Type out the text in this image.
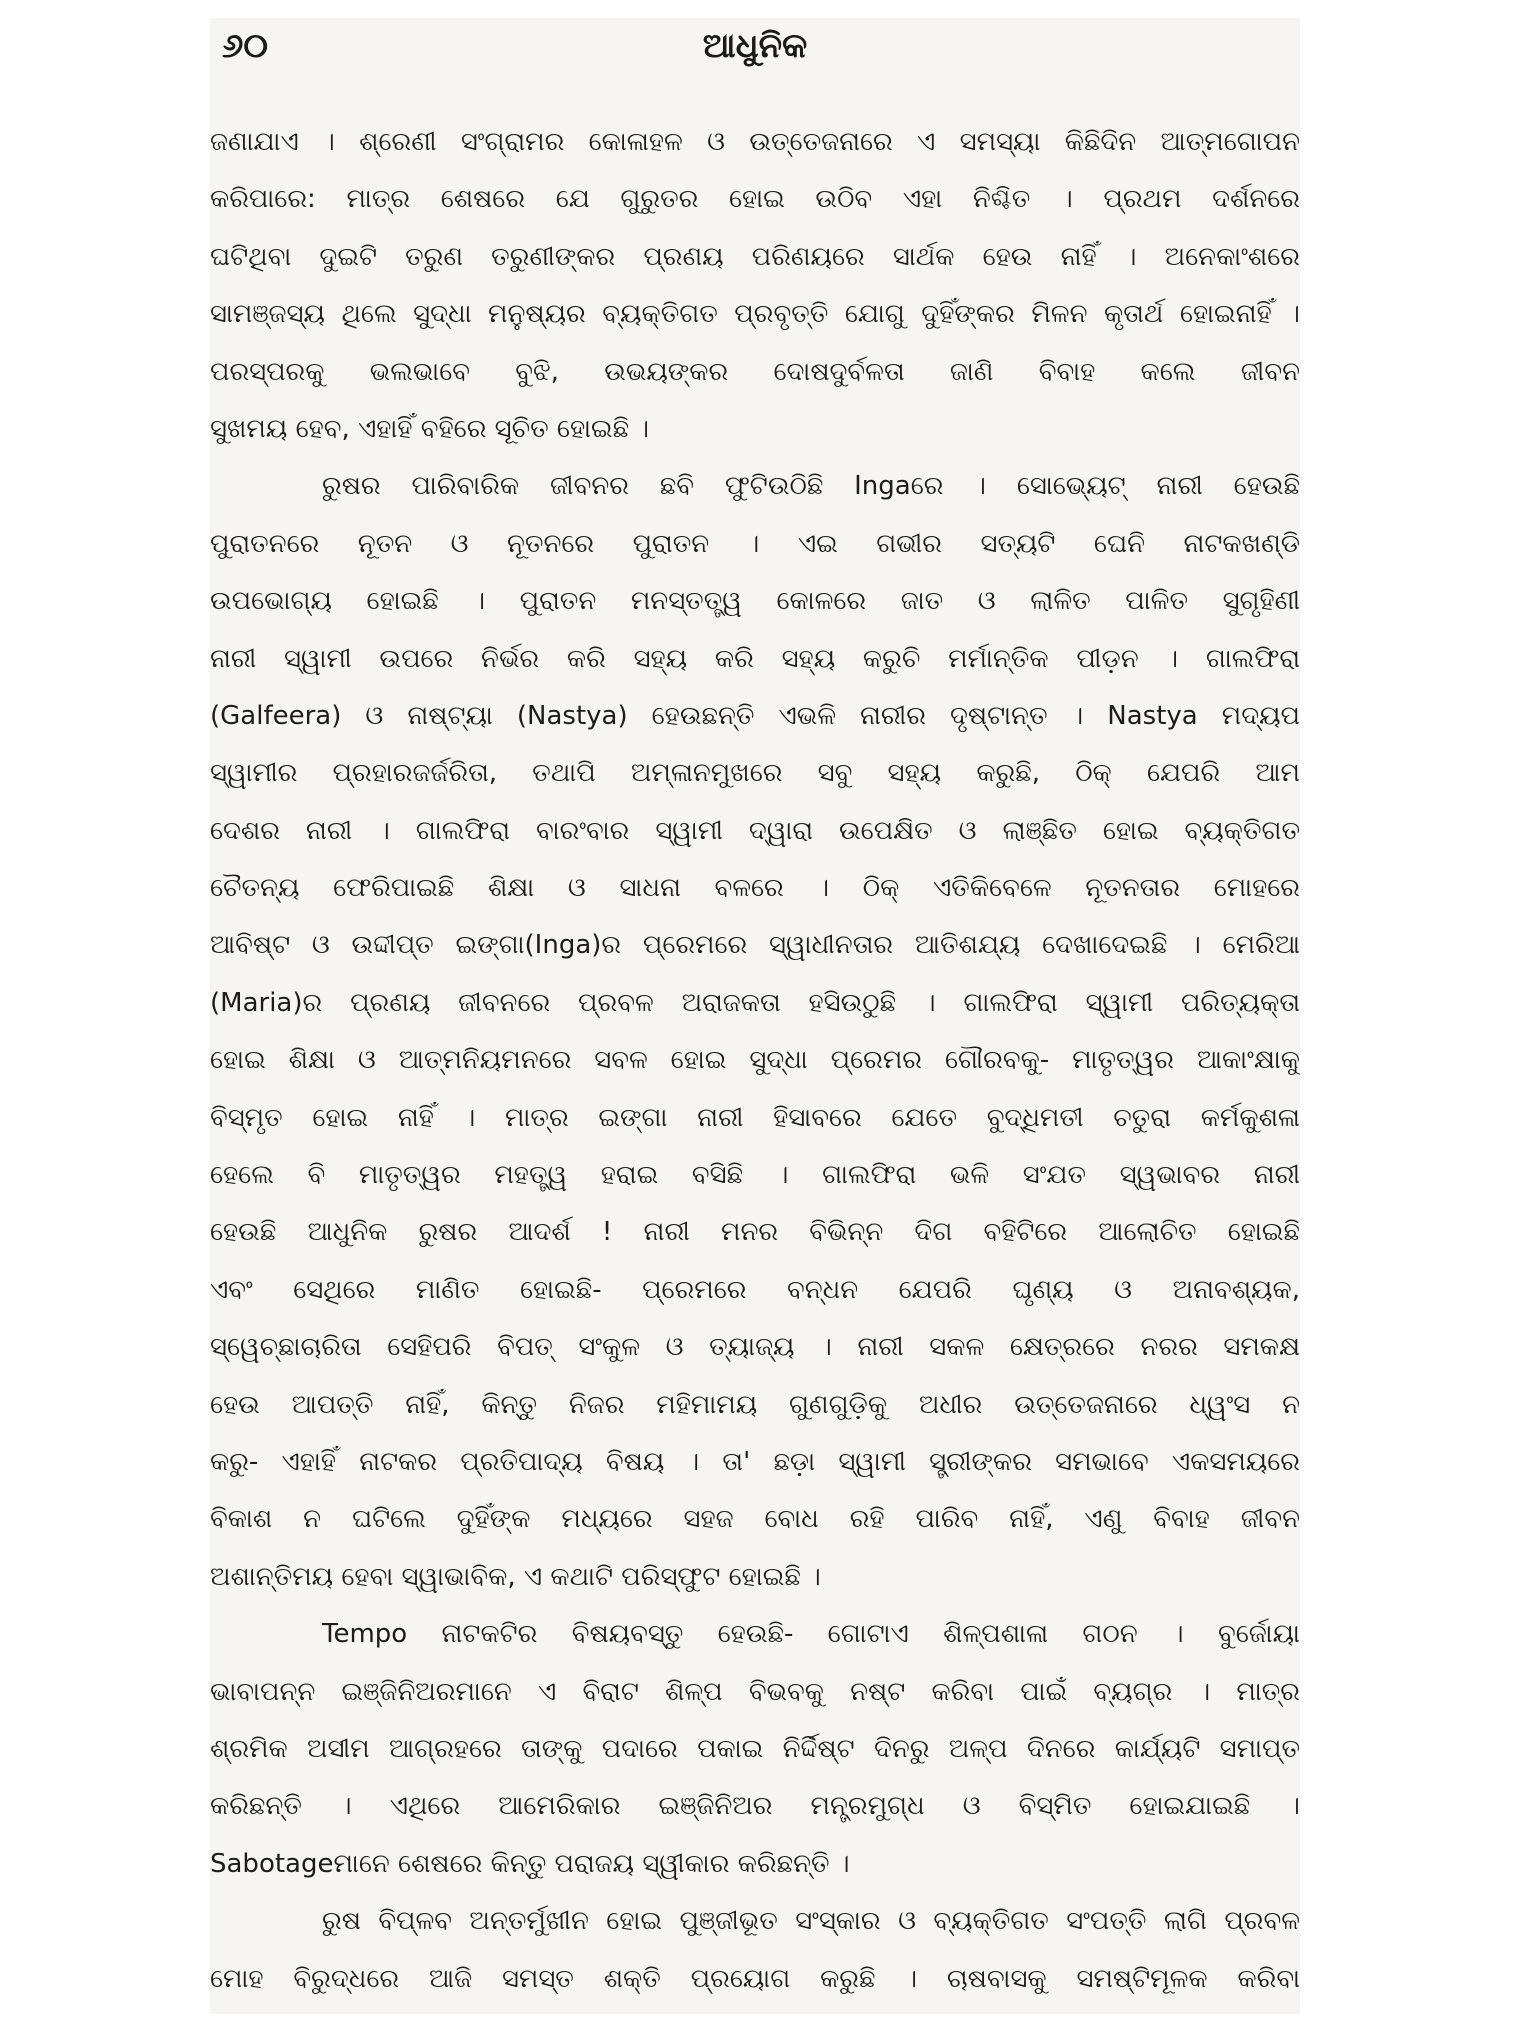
୬୦	ଆଧୁନିକ
ଜଣାଯାଏ । ଶ୍ରେଣୀ ସଂଗ୍ରାମର କୋଳାହଳ ଓ ଉତ୍ତେଜନାରେ ଏ ସମସ୍ୟା କିଛିଦିନ ଆତ୍ମଗୋପନ
କରିପାରେ: ମାତ୍ର ଶେଷରେ ଯେ ଗୁରୁତର ହୋଇ ଉଠିବ ଏହା ନିଶ୍ଚିତ । ପ୍ରଥମ ଦର୍ଶନରେ
ଘଟିଥିବା ଦୁଇଟି ତରୁଣ ତରୁଣୀଙ୍କର ପ୍ରଣୟ ପରିଣୟରେ ସାର୍ଥକ ହେଉ ନାହିଁ । ଅନେକାଂଶରେ
ସାମଞ୍ଜସ୍ୟ ଥିଲେ ସୁଦ୍ଧା ମନୁଷ୍ୟର ବ୍ୟକ୍ତିଗତ ପ୍ରବୃତ୍ତି ଯୋଗୁ ଦୁହିଁଙ୍କର ମିଳନ କୃତାର୍ଥ ହୋଇନାହିଁ ।
ପରସ୍ପରକୁ ଭଲଭାବେ ବୁଝି, ଉଭୟଙ୍କର ଦୋଷଦୁର୍ବଳତା ଜାଣି ବିବାହ କଲେ ଜୀବନ
ସୁଖମୟ ହେବ, ଏହାହିଁ ବହିରେ ସୂଚିତ ହୋଇଛି ।
ରୁଷର ପାରିବାରିକ ଜୀବନର ଛବି ଫୁଟିଉଠିଛି Ingaରେ । ସୋଭ୍ୟେଟ୍ ନାରୀ ହେଉଛି
ପୁରାତନରେ ନୂତନ ଓ ନୂତନରେ ପୁରାତନ । ଏଇ ଗଭୀର ସତ୍ୟଟି ଘେନି ନାଟକଖଣ୍ଡି
ଉପଭୋଗ୍ୟ ହୋଇଛି । ପୁରାତନ ମନସ୍ତତ୍ତ୍ୱ କୋଳରେ ଜାତ ଓ ଲାଳିତ ପାଳିତ ସୁଗୃହିଣୀ
ନାରୀ ସ୍ୱାମୀ ଉପରେ ନିର୍ଭର କରି ସହ୍ୟ କରି ସହ୍ୟ କରୁଚି ମର୍ମାନ୍ତିକ ପୀଡ଼ନ । ଗାଲଫିରା
(Galfeera) ଓ ନାଷ୍ଟ୍ୟା (Nastya) ହେଉଛନ୍ତି ଏଭଳି ନାରୀର ଦୃଷ୍ଟାନ୍ତ । Nastya ମଦ୍ୟପ
ସ୍ୱାମୀର ପ୍ରହାରଜର୍ଜରିତା, ତଥାପି ଅମ୍ଳାନମୁଖରେ ସବୁ ସହ୍ୟ କରୁଛି, ଠିକ୍ ଯେପରି ଆମ
ଦେଶର ନାରୀ । ଗାଲଫିରା ବାରଂବାର ସ୍ୱାମୀ ଦ୍ୱାରା ଉପେକ୍ଷିତ ଓ ଲାଞ୍ଛିତ ହୋଇ ବ୍ୟକ୍ତିଗତ
ଚୈତନ୍ୟ ଫେରିପାଇଛି ଶିକ୍ଷା ଓ ସାଧନା ବଳରେ । ଠିକ୍ ଏତିକିବେଳେ ନୂତନତାର ମୋହରେ
ଆବିଷ୍ଟ ଓ ଉଦ୍ଦୀପ୍ତ ଇଙ୍ଗା(Inga)ର ପ୍ରେମରେ ସ୍ୱାଧୀନତାର ଆତିଶଯ୍ୟ ଦେଖାଦେଇଛି । ମେରିଆ
(Maria)ର ପ୍ରଣୟ ଜୀବନରେ ପ୍ରବଳ ଅରାଜକତା ହସିଉଠୁଛି । ଗାଲଫିରା ସ୍ୱାମୀ ପରିତ୍ୟକ୍ତା
ହୋଇ ଶିକ୍ଷା ଓ ଆତ୍ମନିୟମନରେ ସବଳ ହୋଇ ସୁଦ୍ଧା ପ୍ରେମର ଗୌରବକୁ- ମାତୃତ୍ୱର ଆକାଂକ୍ଷାକୁ
ବିସ୍ମୃତ ହୋଇ ନାହିଁ । ମାତ୍ର ଇଙ୍ଗା ନାରୀ ହିସାବରେ ଯେତେ ବୁଦ୍ଧିମତୀ ଚତୁରା କର୍ମକୁଶଳା
ହେଲେ ବି ମାତୃତ୍ୱର ମହତ୍ତ୍ୱ ହରାଇ ବସିଛି । ଗାଲଫିରା ଭଳି ସଂଯତ ସ୍ୱଭାବର ନାରୀ
ହେଉଛି ଆଧୁନିକ ରୁଷର ଆଦର୍ଶ ! ନାରୀ ମନର ବିଭିନ୍ନ ଦିଗ ବହିଟିରେ ଆଲୋଚିତ ହୋଇଛି
ଏବଂ ସେଥିରେ ମାଣିତ ହୋଇଛି- ପ୍ରେମରେ ବନ୍ଧନ ଯେପରି ଘୃଣ୍ୟ ଓ ଅନାବଶ୍ୟକ,
ସ୍ୱେଚ୍ଛାଚାରିତା ସେହିପରି ବିପତ୍ ସଂକୁଳ ଓ ତ୍ୟାଜ୍ୟ । ନାରୀ ସକଳ କ୍ଷେତ୍ରରେ ନରର ସମକକ୍ଷ
ହେଉ ଆପତ୍ତି ନାହିଁ, କିନ୍ତୁ ନିଜର ମହିମାମୟ ଗୁଣଗୁଡ଼ିକୁ ଅଧୀର ଉତ୍ତେଜନାରେ ଧ୍ୱଂସ ନ
କରୁ- ଏହାହିଁ ନାଟକର ପ୍ରତିପାଦ୍ୟ ବିଷୟ । ତା' ଛଡ଼ା ସ୍ୱାମୀ ସ୍ତ୍ରୀଙ୍କର ସମଭାବେ ଏକସମୟରେ
ବିକାଶ ନ ଘଟିଲେ ଦୁହିଁଙ୍କ ମଧ୍ୟରେ ସହଜ ବୋଧ ରହି ପାରିବ ନାହିଁ, ଏଣୁ ବିବାହ ଜୀବନ
ଅଶାନ୍ତିମୟ ହେବା ସ୍ୱାଭାବିକ, ଏ କଥାଟି ପରିସ୍ଫୁଟ ହୋଇଛି ।
Tempo ନାଟକଟିର ବିଷୟବସ୍ତୁ ହେଉଛି- ଗୋଟାଏ ଶିଳ୍ପଶାଳା ଗଠନ । ବୁର୍ଜୋୟା
ଭାବାପନ୍ନ ଇଞ୍ଜିନିଅରମାନେ ଏ ବିରାଟ ଶିଳ୍ପ ବିଭବକୁ ନଷ୍ଟ କରିବା ପାଇଁ ବ୍ୟଗ୍ର । ମାତ୍ର
ଶ୍ରମିକ ଅସୀମ ଆଗ୍ରହରେ ତାଙ୍କୁ ପଦାରେ ପକାଇ ନିର୍ଦ୍ଦିଷ୍ଟ ଦିନରୁ ଅଳ୍ପ ଦିନରେ କାର୍ଯ୍ୟଟି ସମାପ୍ତ
କରିଛନ୍ତି । ଏଥିରେ ଆମେରିକାର ଇଞ୍ଜିନିଅର ମନ୍ତ୍ରମୁଗ୍ଧ ଓ ବିସ୍ମିତ ହୋଇଯାଇଛି ।
Sabotageମାନେ ଶେଷରେ କିନ୍ତୁ ପରାଜୟ ସ୍ୱୀକାର କରିଛନ୍ତି ।
ରୁଷ ବିପ୍ଳବ ଅନ୍ତର୍ମୁଖୀନ ହୋଇ ପୁଞ୍ଜୀଭୂତ ସଂସ୍କାର ଓ ବ୍ୟକ୍ତିଗତ ସଂପତ୍ତି ଲାଗି ପ୍ରବଳ
ମୋହ ବିରୁଦ୍ଧରେ ଆଜି ସମସ୍ତ ଶକ୍ତି ପ୍ରୟୋଗ କରୁଛି । ଚାଷବାସକୁ ସମଷ୍ଟିମୂଳକ କରିବା
